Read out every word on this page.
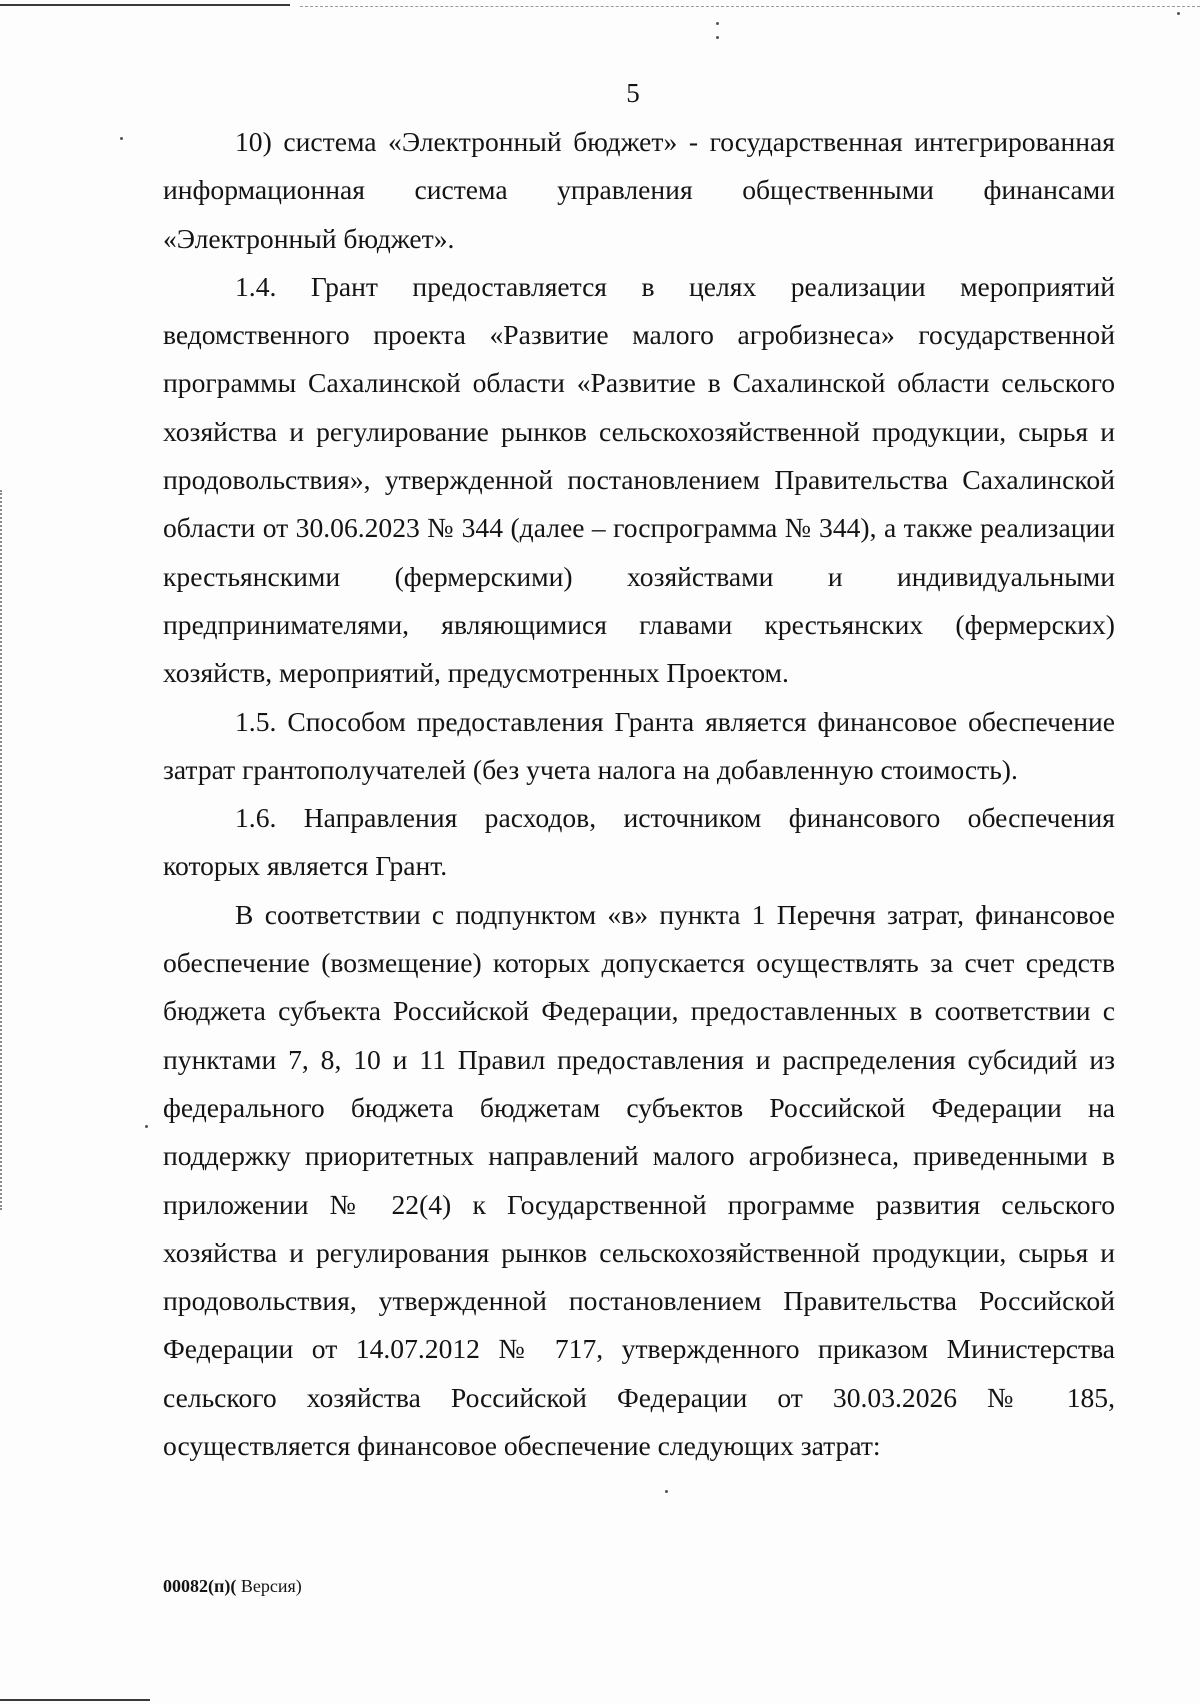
5

10) система «Электронный бюджет» - государственная интегрированная информационная система управления общественными финансами «Электронный бюджет».

1.4. Грант предоставляется в целях реализации мероприятий ведомственного проекта «Развитие малого агробизнеса» государственной программы Сахалинской области «Развитие в Сахалинской области сельского хозяйства и регулирование рынков сельскохозяйственной продукции, сырья и продовольствия», утвержденной постановлением Правительства Сахалинской области от 30.06.2023 № 344 (далее – госпрограмма № 344), а также реализации крестьянскими (фермерскими) хозяйствами и индивидуальными предпринимателями, являющимися главами крестьянских (фермерских) хозяйств, мероприятий, предусмотренных Проектом.

1.5. Способом предоставления Гранта является финансовое обеспечение затрат грантополучателей (без учета налога на добавленную стоимость).

1.6. Направления расходов, источником финансового обеспечения которых является Грант.

В соответствии с подпунктом «в» пункта 1 Перечня затрат, финансовое обеспечение (возмещение) которых допускается осуществлять за счет средств бюджета субъекта Российской Федерации, предоставленных в соответствии с пунктами 7, 8, 10 и 11 Правил предоставления и распределения субсидий из федерального бюджета бюджетам субъектов Российской Федерации на поддержку приоритетных направлений малого агробизнеса, приведенными в приложении № 22(4) к Государственной программе развития сельского хозяйства и регулирования рынков сельскохозяйственной продукции, сырья и продовольствия, утвержденной постановлением Правительства Российской Федерации от 14.07.2012 № 717, утвержденного приказом Министерства сельского хозяйства Российской Федерации от 30.03.2026 № 185, осуществляется финансовое обеспечение следующих затрат:

00082(п)( Версия)
